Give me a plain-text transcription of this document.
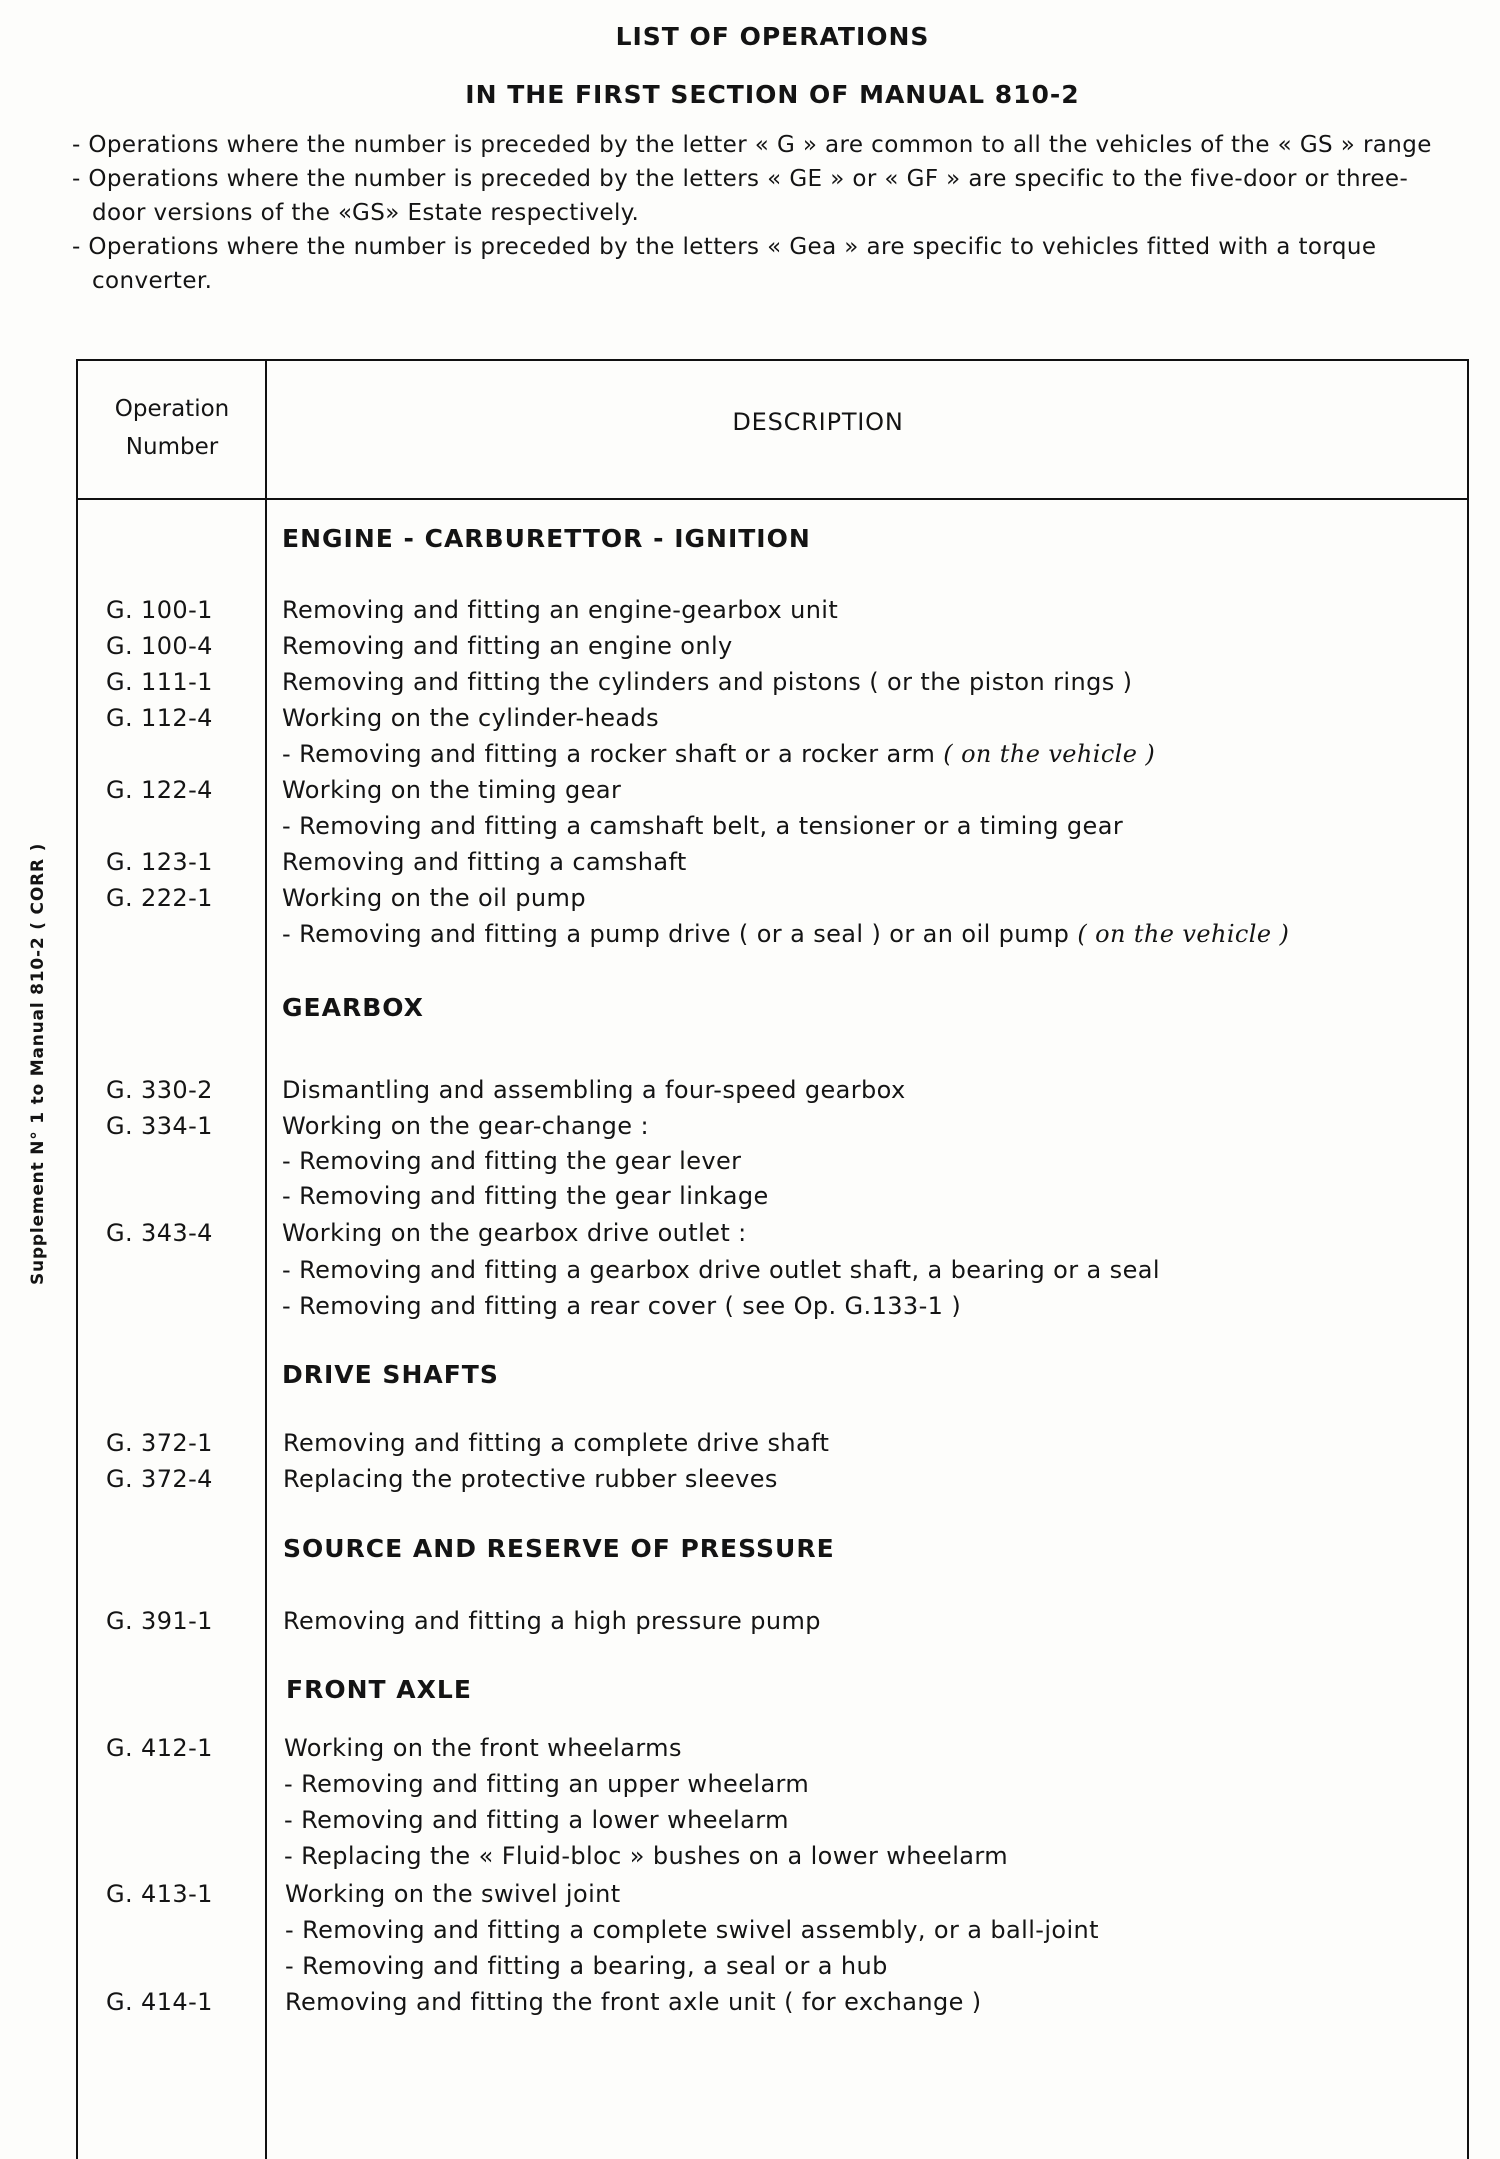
LIST OF OPERATIONS
IN THE FIRST SECTION OF MANUAL 810-2
- Operations where the number is preceded by the letter « G » are common to all the vehicles of the « GS » range
- Operations where the number is preceded by the letters « GE » or « GF » are specific to the five-door or three-door versions of the «GS» Estate respectively.
- Operations where the number is preceded by the letters « Gea » are specific to vehicles fitted with a torque converter.
Supplement N° 1 to Manual 810-2 ( CORR )
Operation
Number
DESCRIPTION
ENGINE - CARBURETTOR - IGNITION
G. 100-1	Removing and fitting an engine-gearbox unit
G. 100-4	Removing and fitting an engine only
G. 111-1	Removing and fitting the cylinders and pistons ( or the piston rings )
G. 112-4	Working on the cylinder-heads
- Removing and fitting a rocker shaft or a rocker arm ( on the vehicle )
G. 122-4	Working on the timing gear
- Removing and fitting a camshaft belt, a tensioner or a timing gear
G. 123-1	Removing and fitting a camshaft
G. 222-1	Working on the oil pump
- Removing and fitting a pump drive ( or a seal ) or an oil pump ( on the vehicle )
GEARBOX
G. 330-2	Dismantling and assembling a four-speed gearbox
G. 334-1	Working on the gear-change :
- Removing and fitting the gear lever
- Removing and fitting the gear linkage
G. 343-4	Working on the gearbox drive outlet :
- Removing and fitting a gearbox drive outlet shaft, a bearing or a seal
- Removing and fitting a rear cover ( see Op. G.133-1 )
DRIVE SHAFTS
G. 372-1	Removing and fitting a complete drive shaft
G. 372-4	Replacing the protective rubber sleeves
SOURCE AND RESERVE OF PRESSURE
G. 391-1	Removing and fitting a high pressure pump
FRONT AXLE
G. 412-1	Working on the front wheelarms
- Removing and fitting an upper wheelarm
- Removing and fitting a lower wheelarm
- Replacing the « Fluid-bloc » bushes on a lower wheelarm
G. 413-1	Working on the swivel joint
- Removing and fitting a complete swivel assembly, or a ball-joint
- Removing and fitting a bearing, a seal or a hub
G. 414-1	Removing and fitting the front axle unit ( for exchange )
